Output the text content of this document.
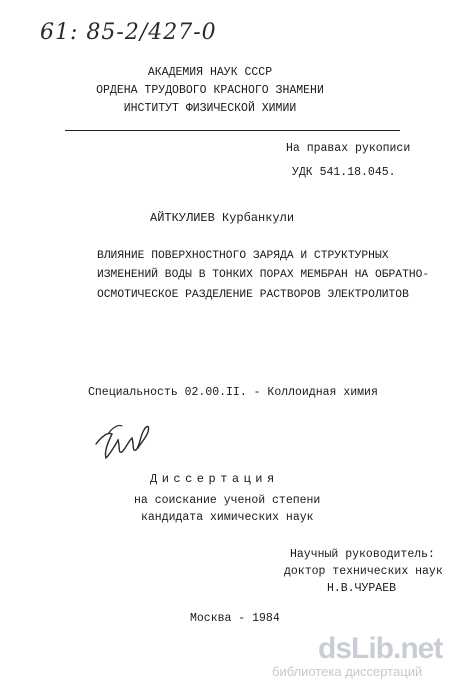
61: 85-2/427-0
АКАДЕМИЯ НАУК СССР
ОРДЕНА ТРУДОВОГО КРАСНОГО ЗНАМЕНИ
ИНСТИТУТ ФИЗИЧЕСКОЙ ХИМИИ
На правах рукописи
УДК 541.18.045.
АЙТКУЛИЕВ Курбанкули
ВЛИЯНИЕ ПОВЕРХНОСТНОГО ЗАРЯДА И СТРУКТУРНЫХ
ИЗМЕНЕНИЙ ВОДЫ В ТОНКИХ ПОРАХ МЕМБРАН НА ОБРАТНО-
ОСМОТИЧЕСКОЕ РАЗДЕЛЕНИЕ РАСТВОРОВ ЭЛЕКТРОЛИТОВ
Специальность 02.00.II. - Коллоидная химия
Диссертация
на соискание ученой степени
кандидата химических наук
Научный руководитель:
доктор технических наук
Н.В.ЧУРАЕВ
Москва - 1984
dsLib.net
библиотека диссертаций
